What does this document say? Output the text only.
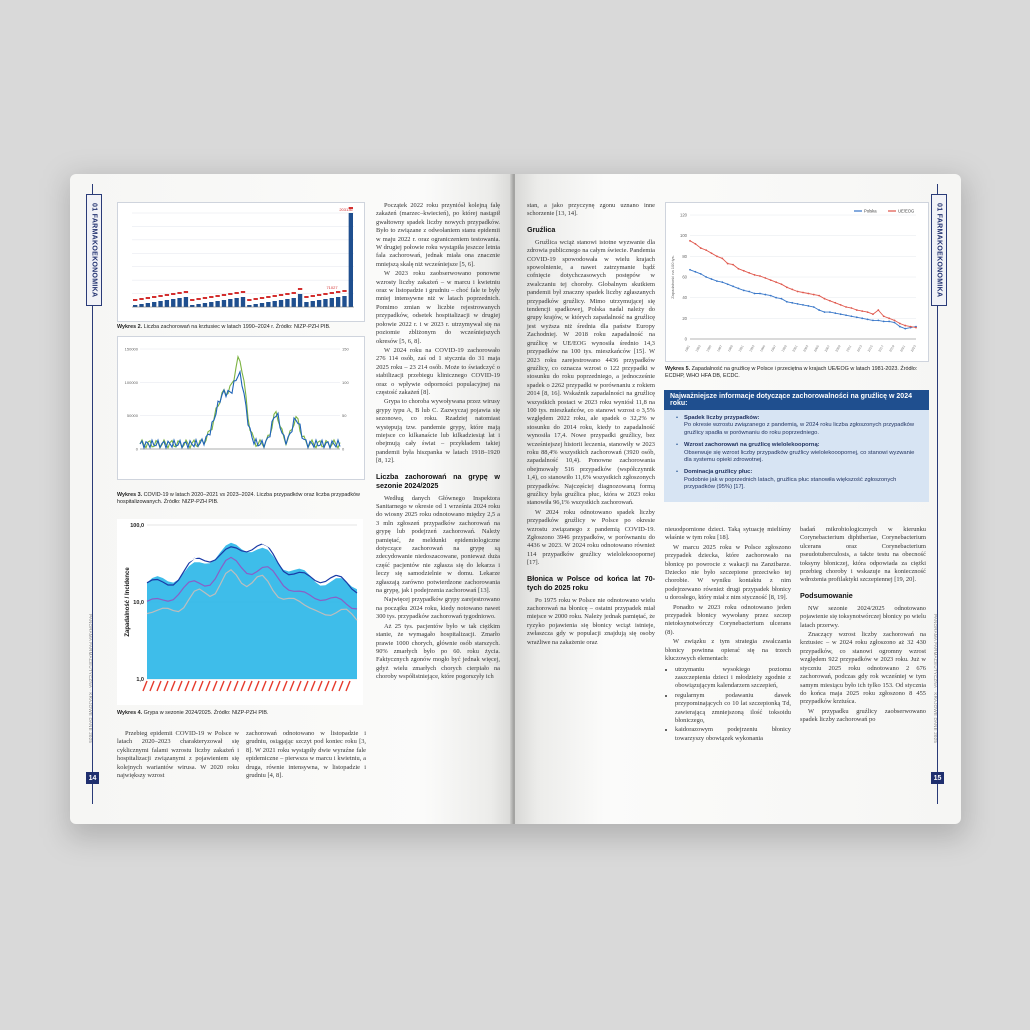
01 FARMAKOEKONOMIKA
PANORAMA FARMACEUTYCZNA · KRAJOWE DANE 2025
14
203136
71027
Wykres 2. Liczba zachorowań na krztusiec w latach 1990–2024 r. Źródło: NIZP-PZH PIB.
150000	150
100000	100
50000	50
0	0
Wykres 3. COVID-19 w latach 2020–2021 vs 2023–2024. Liczba przypadków oraz liczba przypadków hospitalizowanych. Źródło: NIZP-PZH PIB.
100,0
10,0
1,0
Zapadalność / Incidence
Wykres 4. Grypa w sezonie 2024/2025. Źródło: NIZP-PZH PIB.

Przebieg epidemii COVID-19 w Polsce w latach 2020–2023 charakteryzował się cyklicznymi falami wzrostu liczby zakażeń i hospitalizacji związanymi z pojawieniem się kolejnych wariantów wirusa. W 2020 roku największy wzrost

zachorowań odnotowano w listopadzie i grudniu, osiągając szczyt pod koniec roku [3, 8]. W 2021 roku wystąpiły dwie wyraźne fale epidemiczne – pierwsza w marcu i kwietniu, a druga, równie intensywna, w listopadzie i grudniu [4, 8].

Początek 2022 roku przyniósł kolejną falę zakażeń (marzec–kwiecień), po której nastąpił gwałtowny spadek liczby nowych przypadków. Było to związane z odwołaniem stanu epidemii w maju 2022 r. oraz ograniczeniem testowania. W drugiej połowie roku wystąpiła jeszcze letnia fala zachorowań, jednak miała ona znacznie mniejszą skalę niż wcześniejsze [5, 6].

W 2023 roku zaobserwowano ponowne wzrosty liczby zakażeń – w marcu i kwietniu oraz w listopadzie i grudniu – choć fale te były mniej intensywne niż w latach poprzednich. Pomimo zmian w liczbie rejestrowanych przypadków, odsetek hospitalizacji w drugiej połowie 2022 r. i w 2023 r. utrzymywał się na poziomie zbliżonym do wcześniejszych okresów [5, 6, 8].

W 2024 roku na COVID-19 zachorowało 276 114 osób, zaś od 1 stycznia do 31 maja 2025 roku – 23 214 osób. Może to świadczyć o stabilizacji przebiegu klinicznego COVID-19 oraz o wpływie odporności populacyjnej na częstość zakażeń [8].

Grypa to choroba wywoływana przez wirusy grypy typu A, B lub C. Zazwyczaj pojawia się sezonowo, co roku. Rzadziej natomiast występują tzw. pandemie grypy, które mają miejsce co kilkanaście lub kilkadziesiąt lat i obejmują cały świat – przykładem takiej pandemii była hiszpanka w latach 1918–1920 [8, 12].

Liczba zachorowań na grypę w sezonie 2024/2025

Według danych Głównego Inspektora Sanitarnego w okresie od 1 września 2024 roku do wiosny 2025 roku odnotowano między 2,5 a 3 mln zgłoszeń przypadków zachorowań na grypę lub podejrzeń zachorowań. Należy pamiętać, że meldunki epidemiologiczne dotyczące zachorowań na grypę są zdecydowanie niedoszacowane, ponieważ duża część pacjentów nie zgłasza się do lekarza i leczy się samodzielnie w domu. Lekarze zgłaszają zarówno potwierdzone zachorowania na grypę, jak i podejrzenia zachorowań [13].

Najwięcej przypadków grypy zarejestrowano na początku 2024 roku, kiedy notowano nawet 300 tys. przypadków zachorowań tygodniowo.

Aż 25 tys. pacjentów było w tak ciężkim stanie, że wymagało hospitalizacji. Zmarło prawie 1000 chorych, głównie osób starszych. 90% zmarłych było po 60. roku życia. Faktycznych zgonów mogło być jednak więcej, gdyż wielu zmarłych chorych cierpiało na choroby współistniejące, które pogorszyły ich

01 FARMAKOEKONOMIKA
PANORAMA FARMACEUTYCZNA · KRAJOWE DANE 2025
15

stan, a jako przyczynę zgonu uznano inne schorzenie [13, 14].

Gruźlica

Gruźlica wciąż stanowi istotne wyzwanie dla zdrowia publicznego na całym świecie. Pandemia COVID-19 spowodowała w wielu krajach spowolnienie, a nawet zatrzymanie bądź cofnięcie dotychczasowych postępów w zwalczaniu tej choroby. Globalnym skutkiem pandemii był znaczny spadek liczby zgłaszanych przypadków gruźlicy. Mimo utrzymującej się tendencji spadkowej, Polska nadal należy do grupy krajów, w których zapadalność na gruźlicę jest wyższa niż średnia dla państw Europy Zachodniej. W 2018 roku zapadalność na gruźlicę w UE/EOG wynosiła średnio 14,3 przypadków na 100 tys. mieszkańców [15]. W 2023 roku zarejestrowano 4436 przypadków gruźlicy, co oznacza wzrost o 122 przypadki w stosunku do roku poprzedniego, a jednocześnie spadek o 2262 przypadki w porównaniu z rokiem 2014 [8, 16]. Wskaźnik zapadalności na gruźlicę wszystkich postaci w 2023 roku wyniósł 11,8 na 100 tys. mieszkańców, co stanowi wzrost o 3,5% względem 2022 roku, ale spadek o 32,2% w stosunku do 2014 roku, kiedy to zapadalność wynosiła 17,4. Nowe przypadki gruźlicy, bez wcześniejszej historii leczenia, stanowiły w 2023 roku 88,4% wszystkich zachorowań (3920 osób, zapadalność 10,4). Ponowne zachorowania obejmowały 516 przypadków (współczynnik 1,4), co stanowiło 11,6% wszystkich zgłoszonych przypadków. Najczęściej diagnozowaną formą gruźlicy była gruźlica płuc, która w 2023 roku stanowiła 96,1% wszystkich zachorowań.

W 2024 roku odnotowano spadek liczby przypadków gruźlicy w Polsce po okresie wzrostu związanego z pandemią COVID-19. Zgłoszono 3946 przypadków, w porównaniu do 4436 w 2023. W 2024 roku odnotowano również 114 przypadków gruźlicy wielolekooopornej [17].

Błonica w Polsce od końca lat 70-tych do 2025 roku

Po 1975 roku w Polsce nie odnotowano wielu zachorowań na błonicę – ostatni przypadek miał miejsce w 2000 roku. Należy jednak pamiętać, że ryzyko pojawienia się błonicy wciąż istnieje, zwłaszcza gdy w populacji znajdują się osoby wrażliwe na zakażenie oraz

120
100
80
60
40
20
0
Zapadalność na 100 tys.
Polska	UE/EOG
1981 1983 1985 1987 1989 1991 1993 1995 1997 1999 2001 2003 2005 2007 2009 2011 2013 2015 2017 2019 2021 2023
Wykres 5. Zapadalność na gruźlicę w Polsce i przeciętna w krajach UE/EOG w latach 1981-2023. Źródło: ECDHP, WHO HFA DB, ECDC.
Najważniejsze informacje dotyczące zachorowalności na gruźlicę w 2024 roku:
• Spadek liczby przypadków:
Po okresie wzrostu związanego z pandemią, w 2024 roku liczba zgłoszonych przypadków gruźlicy spadła w porównaniu do roku poprzedniego.
• Wzrost zachorowań na gruźlicę wielolekooporną:
Obserwuje się wzrost liczby przypadków gruźlicy wielolekooopornej, co stanowi wyzwanie dla systemu opieki zdrowotnej.
• Dominacja gruźlicy płuc:
Podobnie jak w poprzednich latach, gruźlica płuc stanowiła większość zgłoszonych przypadków (95%) [17].

nieuodpornione dzieci. Taką sytuację mieliśmy właśnie w tym roku [18].

W marcu 2025 roku w Polsce zgłoszono przypadek dziecka, które zachorowało na błonicę po powrocie z wakacji na Zanzibarze. Dziecko nie było szczepione przeciwko tej chorobie. W wyniku kontaktu z nim podejrzewano również drugi przypadek błonicy u dorosłego, który miał z nim styczność [8, 19].

Ponadto w 2023 roku odnotowano jeden przypadek błonicy wywołany przez szczep nietoksynotwórczy Corynebacterium ulcerans (8).

W związku z tym strategia zwalczania błonicy powinna opierać się na trzech kluczowych elementach:

• utrzymaniu wysokiego poziomu zaszczepienia dzieci i młodzieży zgodnie z obowiązującym kalendarzem szczepień,
• regularnym podawaniu dawek przypominających co 10 lat szczepionką Td, zawierającą zmniejszoną ilość toksoidu błoniczego,
• kaidorazowym podejrzeniu błonicy towarzyszy obowiązek wykonania

badań mikrobiologicznych w kierunku Corynebacterium diphtheriae, Corynebacterium ulcerans oraz Corynebacterium pseudotuberculosis, a także testu na obecność toksyny błoniczej, która odpowiada za ciężki przebieg choroby i wskazuje na konieczność wdrożenia profilaktyki szczepiennej [19, 20].

Podsumowanie

NW sezonie 2024/2025 odnotowano pojawienie się toksynotwórczej błonicy po wielu latach przerwy.

Znaczący wzrost liczby zachorowań na krztusiec – w 2024 roku zgłoszono aż 32 430 przypadków, co stanowi ogromny wzrost względem 922 przypadków w 2023 roku. Już w styczniu 2025 roku odnotowano 2 676 zachorowań, podczas gdy rok wcześniej w tym samym miesiącu było ich tylko 153. Od stycznia do końca maja 2025 roku zgłoszono 8 455 przypadków krztuśca.

W przypadku gruźlicy zaobserwowano spadek liczby zachorowań po
